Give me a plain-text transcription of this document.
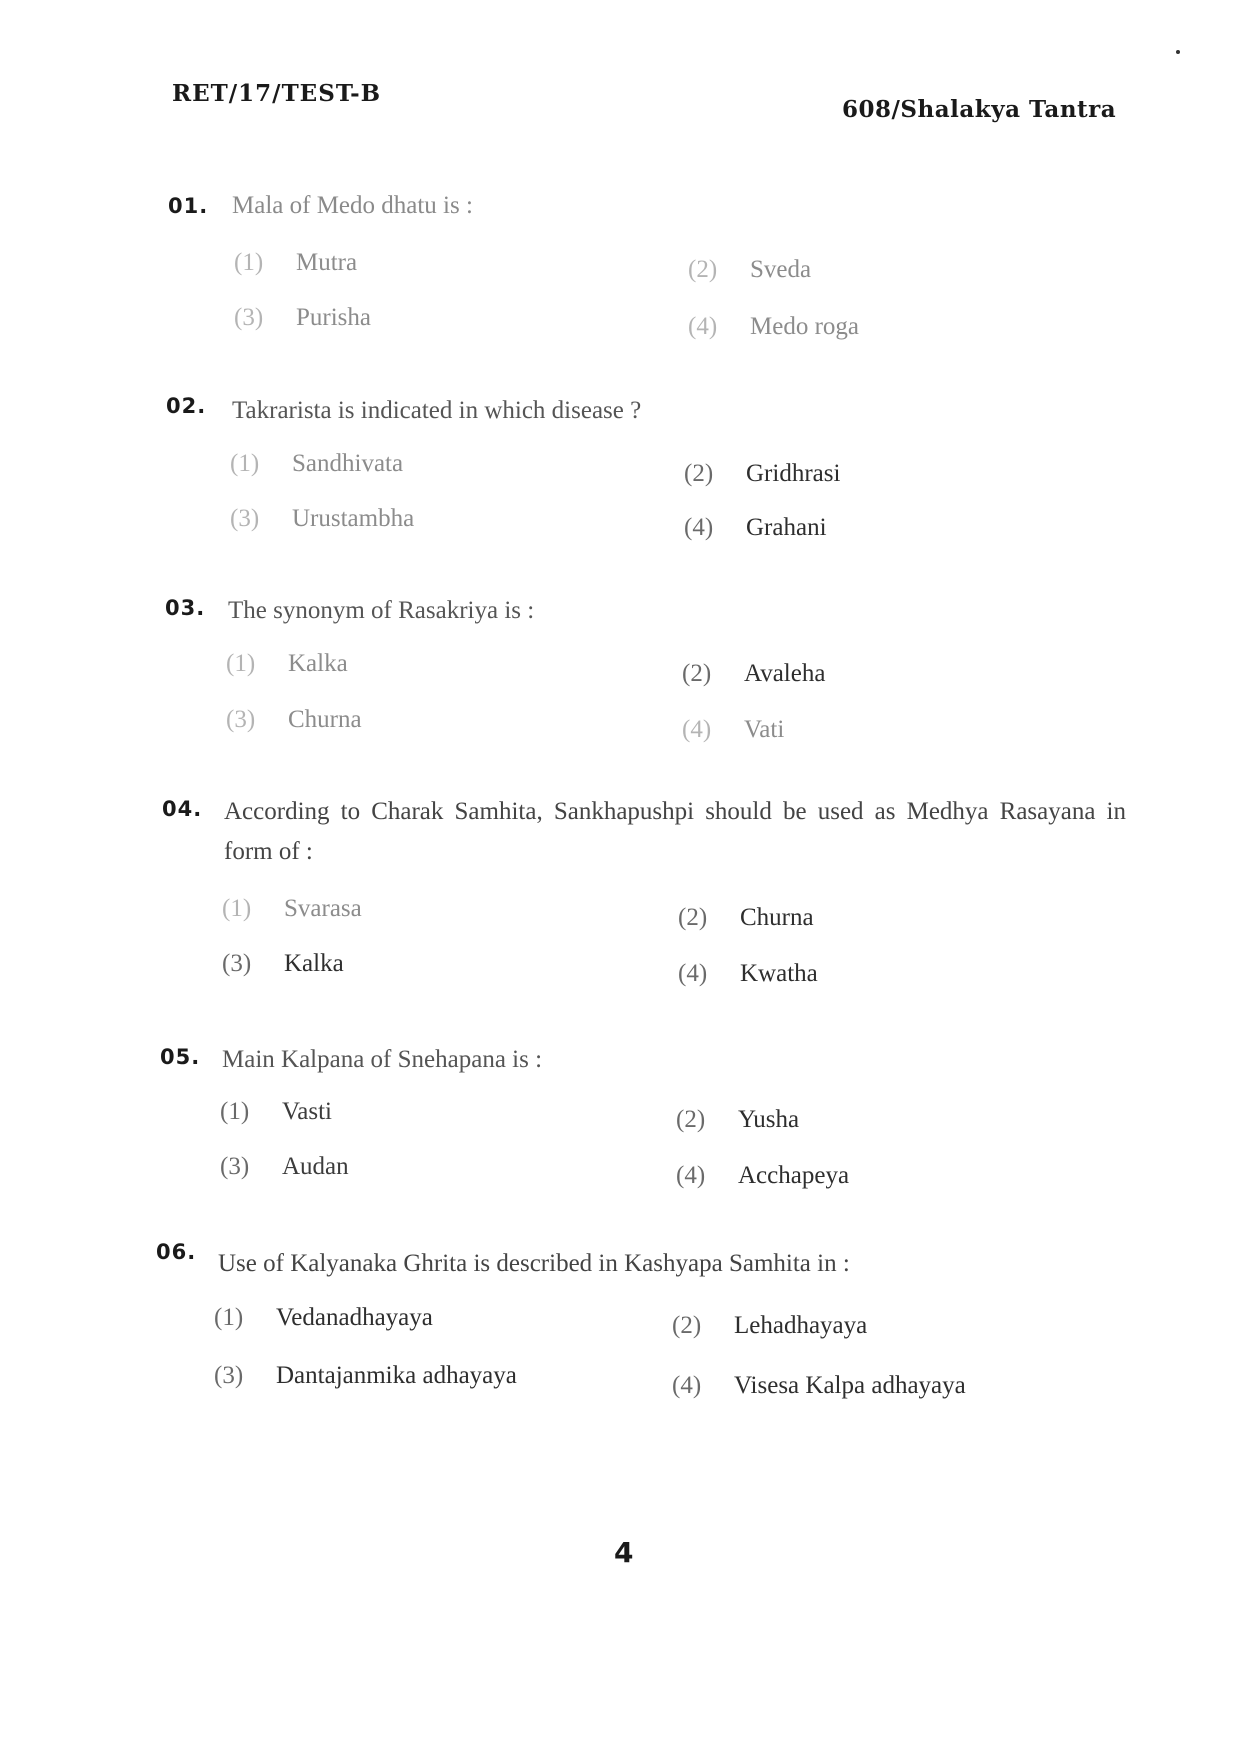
RET/17/TEST-B
608/Shalakya Tantra
01. Mala of Medo dhatu is :
(1) Mutra	(2) Sveda
(3) Purisha	(4) Medo roga
02. Takrarista is indicated in which disease ?
(1) Sandhivata	(2) Gridhrasi
(3) Urustambha	(4) Grahani
03. The synonym of Rasakriya is :
(1) Kalka	(2) Avaleha
(3) Churna	(4) Vati
04. According to Charak Samhita, Sankhapushpi should be used as Medhya Rasayana in form of :
(1) Svarasa	(2) Churna
(3) Kalka	(4) Kwatha
05. Main Kalpana of Snehapana is :
(1) Vasti	(2) Yusha
(3) Audan	(4) Acchapeya
06. Use of Kalyanaka Ghrita is described in Kashyapa Samhita in :
(1) Vedanadhayaya	(2) Lehadhayaya
(3) Dantajanmika adhayaya	(4) Visesa Kalpa adhayaya
4
